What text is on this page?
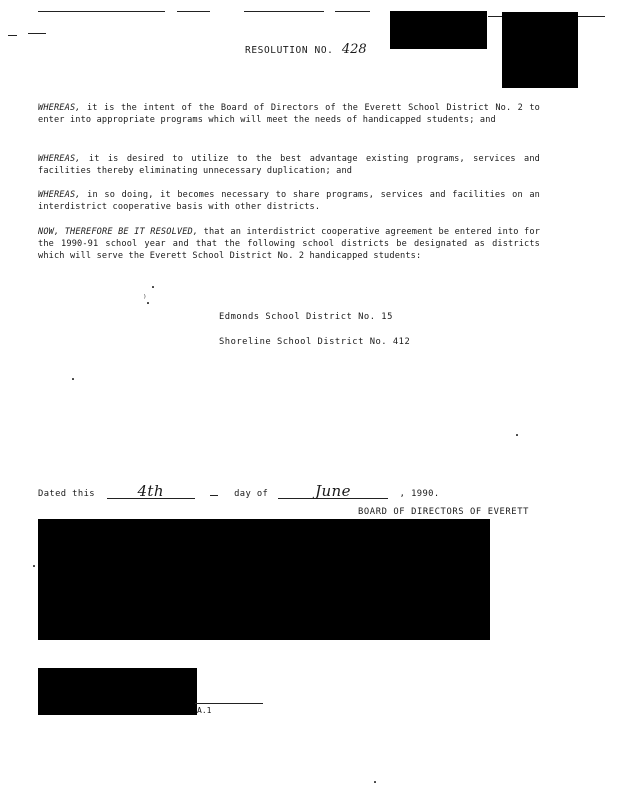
RESOLUTION NO. 428
WHEREAS, it is the intent of the Board of Directors of the Everett School District No. 2 to enter into appropriate programs which will meet the needs of handicapped students; and
WHEREAS, it is desired to utilize to the best advantage existing programs, services and facilities thereby eliminating unnecessary duplication; and
WHEREAS, in so doing, it becomes necessary to share programs, services and facilities on an interdistrict cooperative basis with other districts.
NOW, THEREFORE BE IT RESOLVED, that an interdistrict cooperative agreement be entered into for the 1990-91 school year and that the following school districts be designated as districts which will serve the Everett School District No. 2 handicapped students:
⁾
Edmonds School District No. 15
Shoreline School District No. 412
Dated this	4th	day of	June	, 1990.
BOARD OF DIRECTORS OF EVERETT
A.1
